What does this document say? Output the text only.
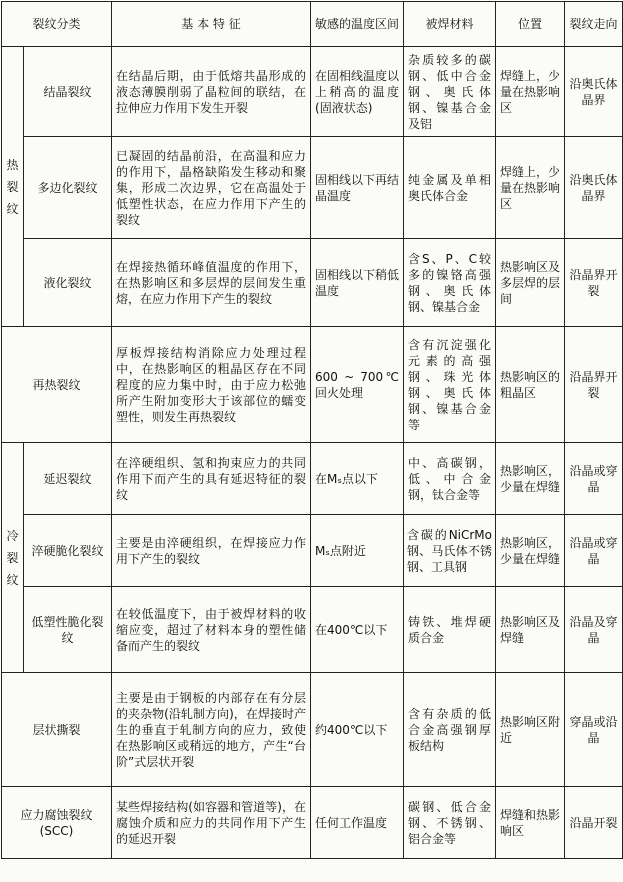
裂纹分类		基 本 特 征	敏感的温度区间	被焊材料	位置	裂纹走向

热
裂
纹	结晶裂纹	在结晶后期，由于低熔共晶形成的液态薄膜削弱了晶粒间的联结，在拉伸应力作用下发生开裂	在固相线温度以上稍高的温度(固液状态)	杂质较多的碳钢、低中合金钢、奥氏体钢、镍基合金及铝	焊缝上，少量在热影响区	沿奥氏体晶界
	多边化裂纹	已凝固的结晶前沿，在高温和应力的作用下，晶格缺陷发生移动和聚集，形成二次边界，它在高温处于低塑性状态，在应力作用下产生的裂纹	固相线以下再结晶温度	纯金属及单相奥氏体合金	焊缝上，少量在热影响区	沿奥氏体晶界
	液化裂纹	在焊接热循环峰值温度的作用下，在热影响区和多层焊的层间发生重熔，在应力作用下产生的裂纹	固相线以下稍低温度	含S、P、C较多的镍铬高强钢、奥氏体钢、镍基合金	热影响区及多层焊的层间	沿晶界开裂
再热裂纹		厚板焊接结构消除应力处理过程中，在热影响区的粗晶区存在不同程度的应力集中时，由于应力松弛所产生附加变形大于该部位的蠕变塑性，则发生再热裂纹	600 ~ 700℃回火处理	含有沉淀强化元素的高强钢、珠光体钢、奥氏体钢、镍基合金等	热影响区的粗晶区	沿晶界开裂

冷
裂
纹	延迟裂纹	在淬硬组织、氢和拘束应力的共同作用下而产生的具有延迟特征的裂纹	在Mₛ点以下	中、高碳钢，低、中合金钢，钛合金等	热影响区，少量在焊缝	沿晶或穿晶
	淬硬脆化裂纹	主要是由淬硬组织，在焊接应力作用下产生的裂纹	Mₛ点附近	含碳的NiCrMo钢、马氏体不锈钢、工具钢	热影响区，少量在焊缝	沿晶或穿晶
	低塑性脆化裂纹	在较低温度下，由于被焊材料的收缩应变，超过了材料本身的塑性储备而产生的裂纹	在400℃以下	铸铁、堆焊硬质合金	热影响区及焊缝	沿晶及穿晶
层状撕裂		主要是由于钢板的内部存在有分层的夹杂物(沿轧制方向)，在焊接时产生的垂直于轧制方向的应力，致使在热影响区或稍远的地方，产生“台阶”式层状开裂	约400℃以下	含有杂质的低合金高强钢厚板结构	热影响区附近	穿晶或沿晶
应力腐蚀裂纹(SCC)		某些焊接结构(如容器和管道等)，在腐蚀介质和应力的共同作用下产生的延迟开裂	任何工作温度	碳钢、低合金钢、不锈钢、铝合金等	焊缝和热影响区	沿晶开裂
